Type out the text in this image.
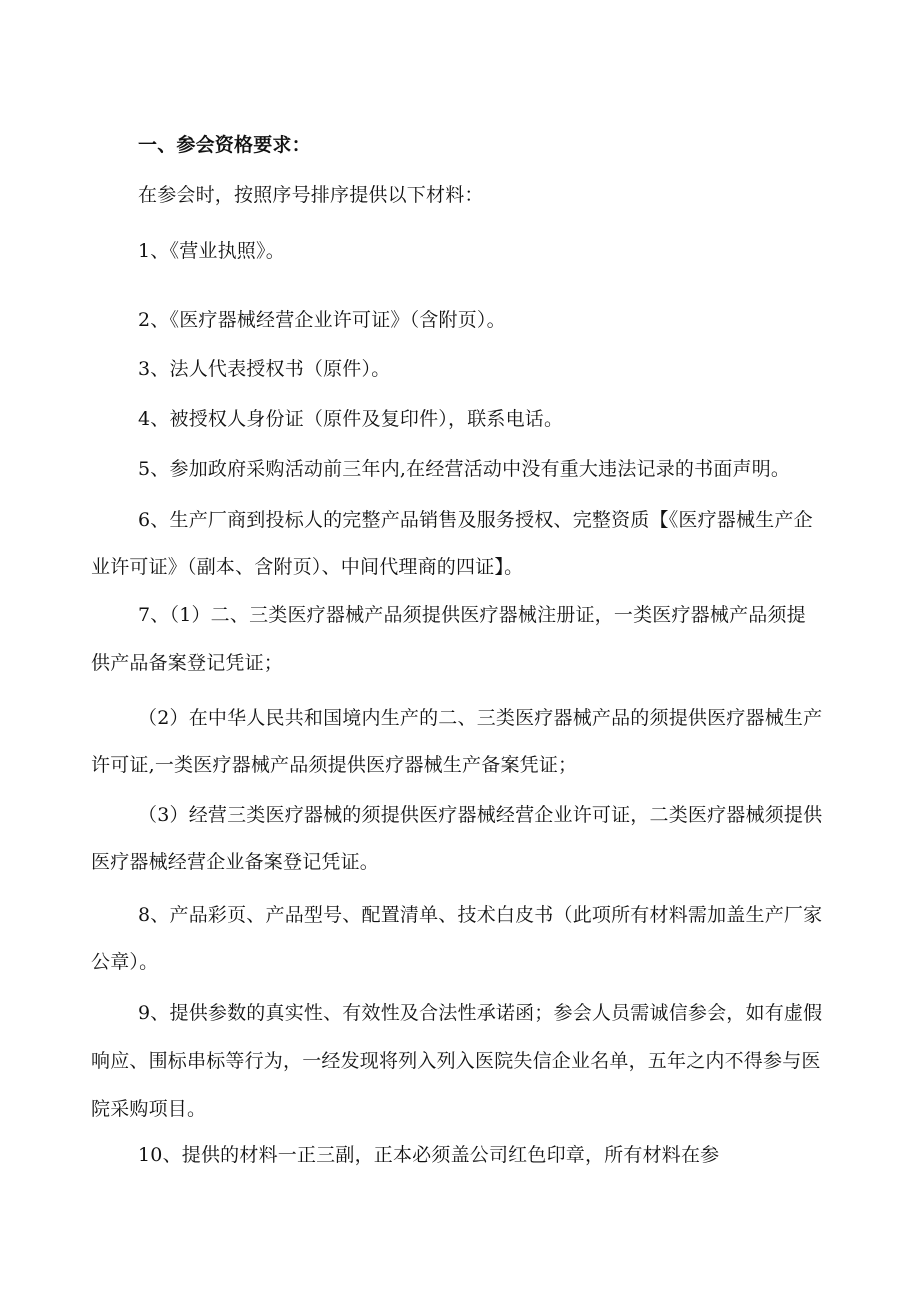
一、参会资格要求：
在参会时，按照序号排序提供以下材料：
1、《营业执照》。
2、《医疗器械经营企业许可证》（含附页）。
3、法人代表授权书（原件）。
4、被授权人身份证（原件及复印件），联系电话。
5、参加政府采购活动前三年内,在经营活动中没有重大违法记录的书面声明。
6、生产厂商到投标人的完整产品销售及服务授权、完整资质【《医疗器械生产企
业许可证》（副本、含附页）、中间代理商的四证】。
7、（1）二、三类医疗器械产品须提供医疗器械注册证，一类医疗器械产品须提
供产品备案登记凭证；
（2）在中华人民共和国境内生产的二、三类医疗器械产品的须提供医疗器械生产
许可证,一类医疗器械产品须提供医疗器械生产备案凭证；
（3）经营三类医疗器械的须提供医疗器械经营企业许可证，二类医疗器械须提供
医疗器械经营企业备案登记凭证。
8、产品彩页、产品型号、配置清单、技术白皮书（此项所有材料需加盖生产厂家
公章）。
9、提供参数的真实性、有效性及合法性承诺函；参会人员需诚信参会，如有虚假
响应、围标串标等行为，一经发现将列入列入医院失信企业名单，五年之内不得参与医
院采购项目。
10、提供的材料一正三副，正本必须盖公司红色印章，所有材料在参
